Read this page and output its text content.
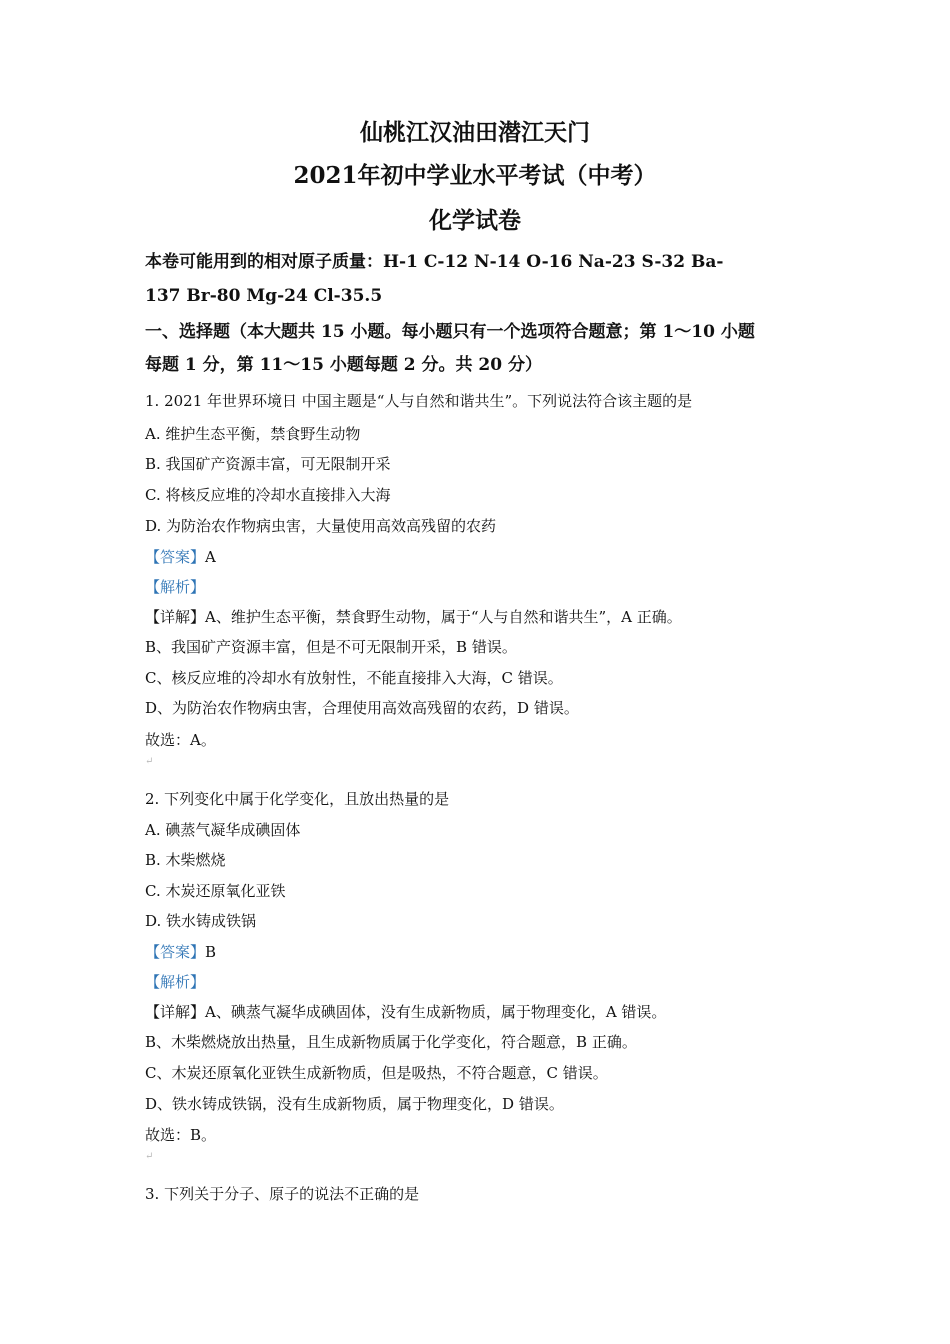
仙桃江汉油田潜江天门
2021年初中学业水平考试（中考）
化学试卷
本卷可能用到的相对原子质量：H-1 C-12 N-14 O-16 Na-23 S-32 Ba-
137 Br-80 Mg-24 Cl-35.5
一、选择题（本大题共 15 小题。每小题只有一个选项符合题意；第 1～10 小题
每题 1 分，第 11～15 小题每题 2 分。共 20 分）
1. 2021 年世界环境日 中国主题是“人与自然和谐共生”。下列说法符合该主题的是
A. 维护生态平衡，禁食野生动物
B. 我国矿产资源丰富，可无限制开采
C. 将核反应堆的冷却水直接排入大海
D. 为防治农作物病虫害，大量使用高效高残留的农药
【答案】A
【解析】
【详解】A、维护生态平衡，禁食野生动物，属于“人与自然和谐共生”，A 正确。
B、我国矿产资源丰富，但是不可无限制开采，B 错误。
C、核反应堆的冷却水有放射性，不能直接排入大海，C 错误。
D、为防治农作物病虫害，合理使用高效高残留的农药，D 错误。
故选：A。
↵
2. 下列变化中属于化学变化，且放出热量的是
A. 碘蒸气凝华成碘固体
B. 木柴燃烧
C. 木炭还原氧化亚铁
D. 铁水铸成铁锅
【答案】B
【解析】
【详解】A、碘蒸气凝华成碘固体，没有生成新物质，属于物理变化，A 错误。
B、木柴燃烧放出热量，且生成新物质属于化学变化，符合题意，B 正确。
C、木炭还原氧化亚铁生成新物质，但是吸热，不符合题意，C 错误。
D、铁水铸成铁锅，没有生成新物质，属于物理变化，D 错误。
故选：B。
↵
3. 下列关于分子、原子的说法不正确的是
